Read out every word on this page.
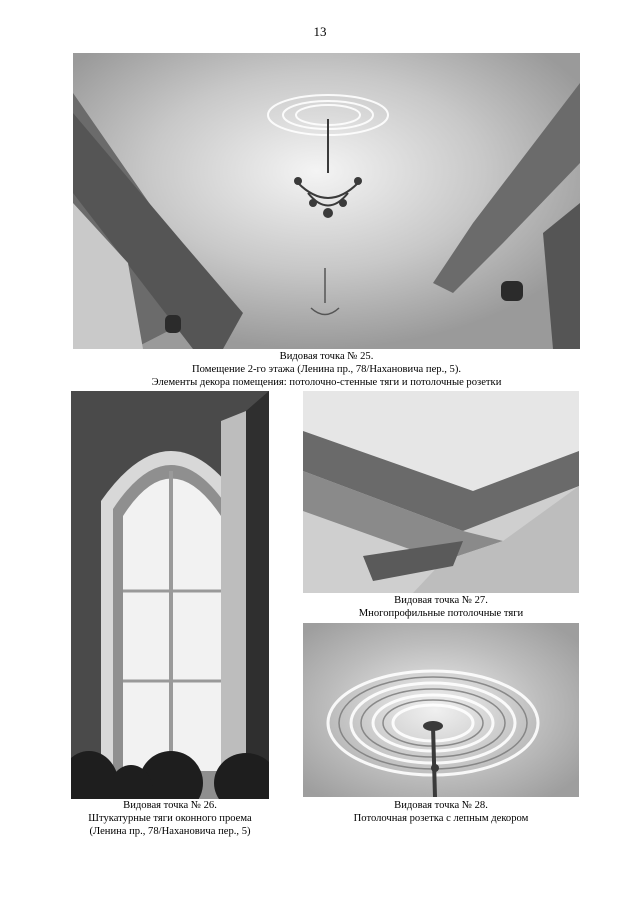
13
Видовая точка № 25.
Помещение 2-го этажа (Ленина пр., 78/Нахановича пер., 5).
Элементы декора помещения: потолочно-стенные тяги и потолочные розетки
Видовая точка № 26.
Штукатурные тяги оконного проема
(Ленина пр., 78/Нахановича пер., 5)
Видовая точка № 27.
Многопрофильные потолочные тяги
Видовая точка № 28.
Потолочная розетка с лепным декором
